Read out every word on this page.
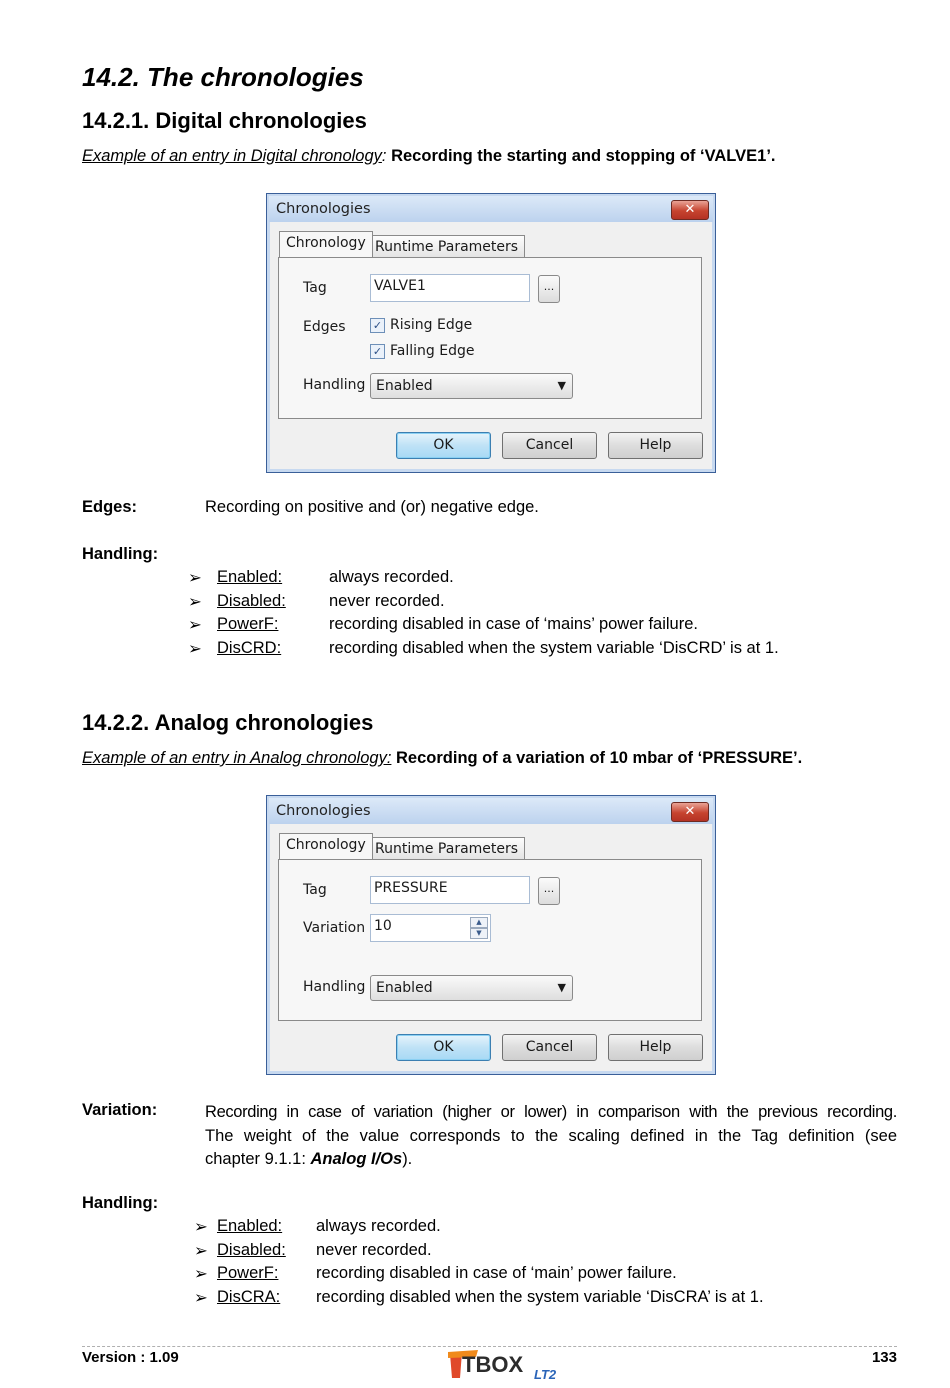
14.2. The chronologies
14.2.1. Digital chronologies
Example of an entry in Digital chronology: Recording the starting and stopping of ‘VALVE1’.
Chronologies	✕
Chronology Runtime Parameters
Tag	VALVE1	...
Edges ✓ Rising Edge
✓ Falling Edge
Handling Enabled	▼
OK	Cancel	Help
Edges:	Recording on positive and (or) negative edge.
Handling:
➢ Enabled:	always recorded.
➢ Disabled:	never recorded.
➢ PowerF:	recording disabled in case of ‘mains’ power failure.
➢ DisCRD:	recording disabled when the system variable ‘DisCRD’ is at 1.
14.2.2. Analog chronologies
Example of an entry in Analog chronology: Recording of a variation of 10 mbar of ‘PRESSURE’.
Chronologies	✕
Chronology Runtime Parameters
Tag	PRESSURE	...
Variation 10	▲
▼
Handling Enabled	▼
OK	Cancel	Help
Variation:	Recording in case of variation (higher or lower) in comparison with the previous recording.
The weight of the value corresponds to the scaling defined in the Tag definition (see
chapter 9.1.1: Analog I/Os).
Handling:
➢ Enabled: always recorded.
➢ Disabled: never recorded.
➢ PowerF: recording disabled in case of ‘main’ power failure.
➢ DisCRA: recording disabled when the system variable ‘DisCRA’ is at 1.
Version : 1.09	TBOX LT2
133
